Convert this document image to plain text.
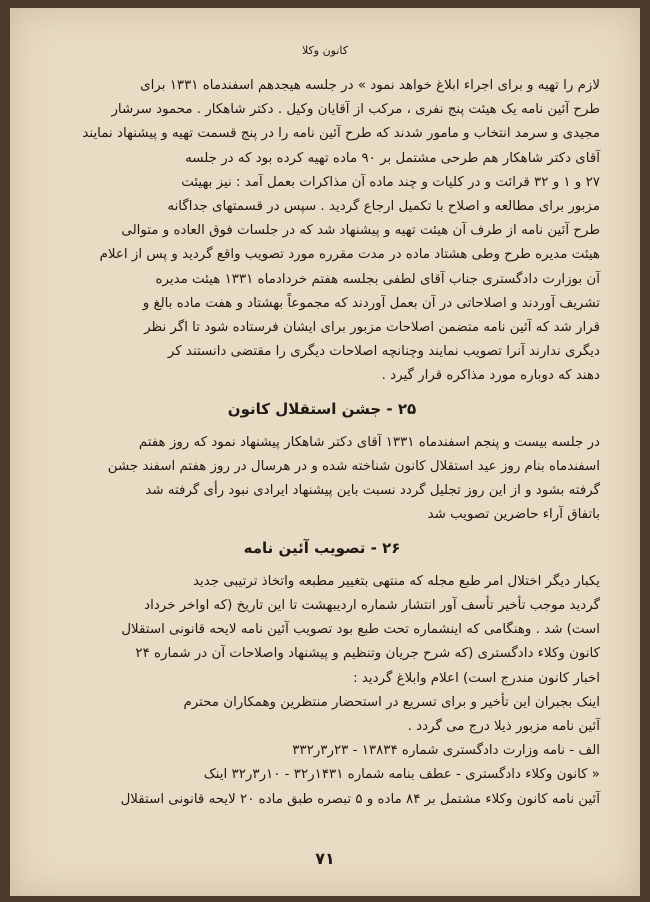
کانون وکلا

لازم را تهیه و برای اجراء ابلاغ خواهد نمود » در جلسه هیجدهم اسفندماه ۱۳۳۱ برای

طرح آئین نامه یک هیئت پنج نفری ، مرکب از آقایان وکیل . دکتر شاهکار . محمود سرشار

مجیدی و سرمد انتخاب و مامور شدند که طرح آئین نامه را در پنج قسمت تهیه و پیشنهاد نمایند

آقای دکتر شاهکار هم طرحی مشتمل بر ۹۰ ماده تهیه کرده بود که در جلسه

۲۷ و ۱ و ۳۲ قرائت و در کلیات و چند ماده آن مذاکرات بعمل آمد : نیز بهیئت

مزبور برای مطالعه و اصلاح با تکمیل ارجاع گردید . سپس در قسمتهای جداگانه

طرح آئین نامه از طرف آن هیئت تهیه و پیشنهاد شد که در جلسات فوق العاده و متوالی

هیئت مدیره طرح وطی هشتاد ماده در مدت مقرره مورد تصویب واقع گردید و پس از اعلام

آن بوزارت دادگستری جناب آقای لطفی بجلسه هفتم خردادماه ۱۳۳۱ هیئت مدیره

تشریف آوردند و اصلاحاتی در آن بعمل آوردند که مجموعاً بهشتاد و هفت ماده بالغ و

قرار شد که آئین نامه متضمن اصلاحات مزبور برای ایشان فرستاده شود تا اگر نظر

دیگری ندارند آنرا تصویب نمایند وچنانچه اصلاحات دیگری را مقتضی دانستند کر

دهند که دوباره مورد مذاکره قرار گیرد .

۲۵ - جشن استقلال کانون

در جلسه بیست و پنجم اسفندماه ۱۳۳۱ آقای دکتر شاهکار پیشنهاد نمود که روز هفتم

اسفندماه بنام روز عید استقلال کانون شناخته شده و در هرسال در روز هفتم اسفند جشن

گرفته بشود و از این روز تجلیل گردد نسبت باین پیشنهاد ایرادی نبود رأی گرفته شد

باتفاق آراء حاضرین تصویب شد

۲۶ - تصویب آئین نامه

یکبار دیگر اختلال امر طبع مجله که منتهی بتغییر مطبعه واتخاذ ترتیبی جدید

گردید موجب تأخیر تأسف آور انتشار شماره اردیبهشت تا این تاریخ (که اواخر خرداد

است) شد . وهنگامی که اینشماره تحت طبع بود تصویب آئین نامه لایحه قانونی استقلال

کانون وکلاء دادگستری (که شرح جریان وتنظیم و پیشنهاد واصلاحات آن در شماره ۲۴

اخبار کانون مندرج است) اعلام وابلاغ گردید :

اینک بجبران این تأخیر و برای تسریع در استحضار منتظرین وهمکاران محترم

آئین نامه مزبور ذیلا درج می گردد .

الف - نامه وزارت دادگستری شماره ۱۳۸۳۴ - ۲۳ر۳ر۳۳۲

« کانون وکلاء دادگستری - عطف بنامه شماره ۱۴۳۱ر۳۲ - ۱۰ر۳ر۳۲ اینک

آئین نامه کانون وکلاء مشتمل بر ۸۴ ماده و ۵ تبصره طبق ماده ۲۰ لایحه قانونی استقلال

۷۱
